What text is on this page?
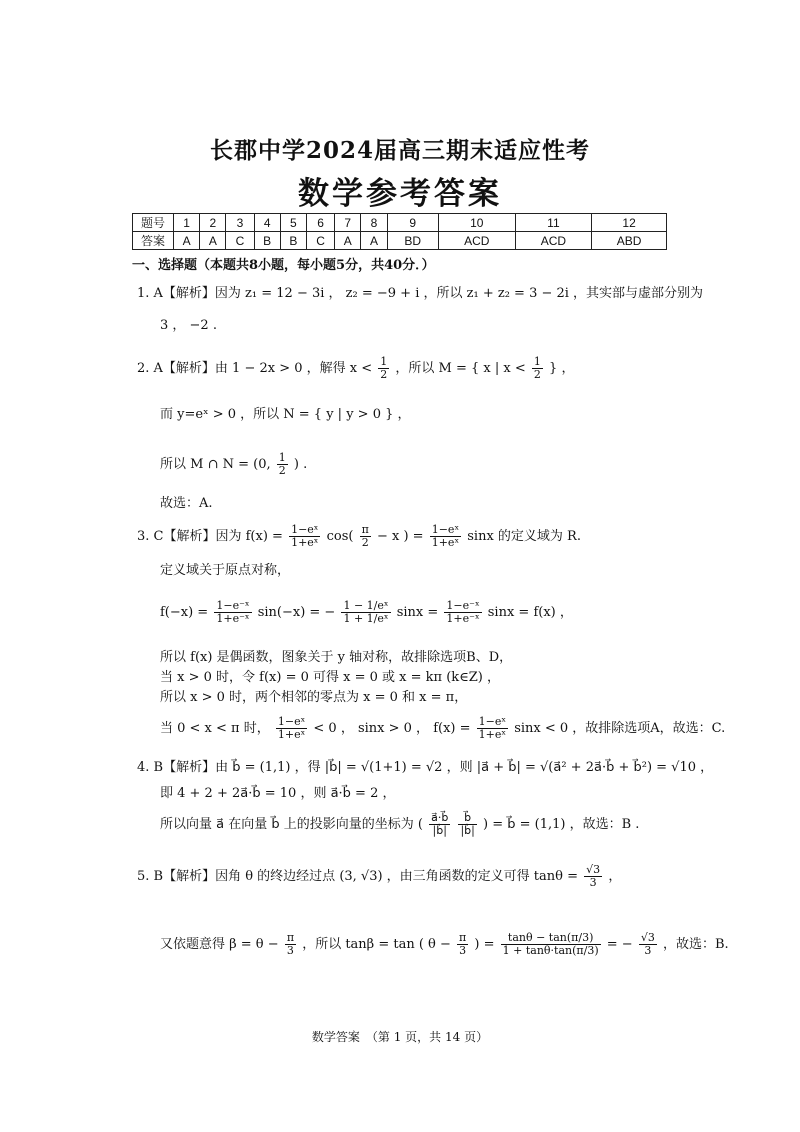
长郡中学2024届高三期末适应性考
数学参考答案
题号	1	2	3	4	5	6	7	8	9	10	11	12
答案	A	A	C	B	B	C	A	A	BD	ACD	ACD	ABD
一、选择题（本题共8小题，每小题5分，共40分．）
1. A【解析】因为 z₁ = 12 − 3i ， z₂ = −9 + i ，所以 z₁ + z₂ = 3 − 2i ，其实部与虚部分别为
3 ， −2 .
2. A【解析】由 1 − 2x > 0 ，解得 $x < \frac{1}{2}$ ，所以 M = { x | $x < \frac{1}{2}$ } ，
而 y=eˣ > 0 ，所以 N = { y | y > 0 } ，
所以 M ∩ N = (0, $\frac{1}{2}$ ) .
故选：A.
3. C【解析】因为 $f(x) = \frac{\text{1−eˣ}}{\text{1+eˣ}} \cos( \frac{\pi}{2} - x$ ) = $\frac{\text{1−eˣ}}{\text{1+eˣ}}$ sinx 的定义域为 R.
定义域关于原点对称，
$f(-x) = \frac{\text{1−e⁻ˣ}}{\text{1+e⁻ˣ}} \sin(-x)$ = − $\frac{\text{1 − 1/eˣ}}{\text{1 + 1/eˣ}}$ $\sin x = \frac{\text{1−e⁻ˣ}}{\text{1+e⁻ˣ}}$ sinx = f(x) ，
所以 f(x) 是偶函数，图象关于 y 轴对称，故排除选项B、D，
当 x > 0 时，令 f(x) = 0 可得 x = 0 或 x = kπ (k∈Z) ，
所以 x > 0 时，两个相邻的零点为 x = 0 和 x = π，
当 0 < x < π 时， $\frac{\text{1−eˣ}}{\text{1+eˣ}} < 0$ ， sinx > 0 ， $f(x) = \frac{\text{1−eˣ}}{\text{1+eˣ}}$ sinx < 0 ，故排除选项A，故选：C.
4. B【解析】由 b⃗ = (1,1) ，得 |b⃗| = √(1+1) = √2 ，则 |a⃗ + b⃗| = √(a⃗² + 2a⃗·b⃗ + b⃗²) = √10 ，
即 4 + 2 + 2a⃗·b⃗ = 10 ，则 a⃗·b⃗ = 2 ，
所以向量 a⃗ 在向量 b⃗ 上的投影向量的坐标为 ( $\frac{a⃗\cdot b⃗}{|b⃗|}$
$\frac{b⃗}{|b⃗|}$ ) = b⃗ = (1,1) ，故选：B .
5. B【解析】因角 θ 的终边经过点 (3, √3) ，由三角函数的定义可得 $\tan\theta = \frac{√3}{3}$ ，
又依题意得 $\beta = \theta - \frac{\pi}{3}$ ，所以 tanβ = tan ( $\theta - \frac{\pi}{3}$ ) = $\frac{\tan\theta - \tan(\pi/3)}{1 + \tan\theta\cdot\tan(\pi/3)}$ = − $\frac{√3}{3}$ ，故选：B.
数学答案　（第 1 页，共 14 页）
